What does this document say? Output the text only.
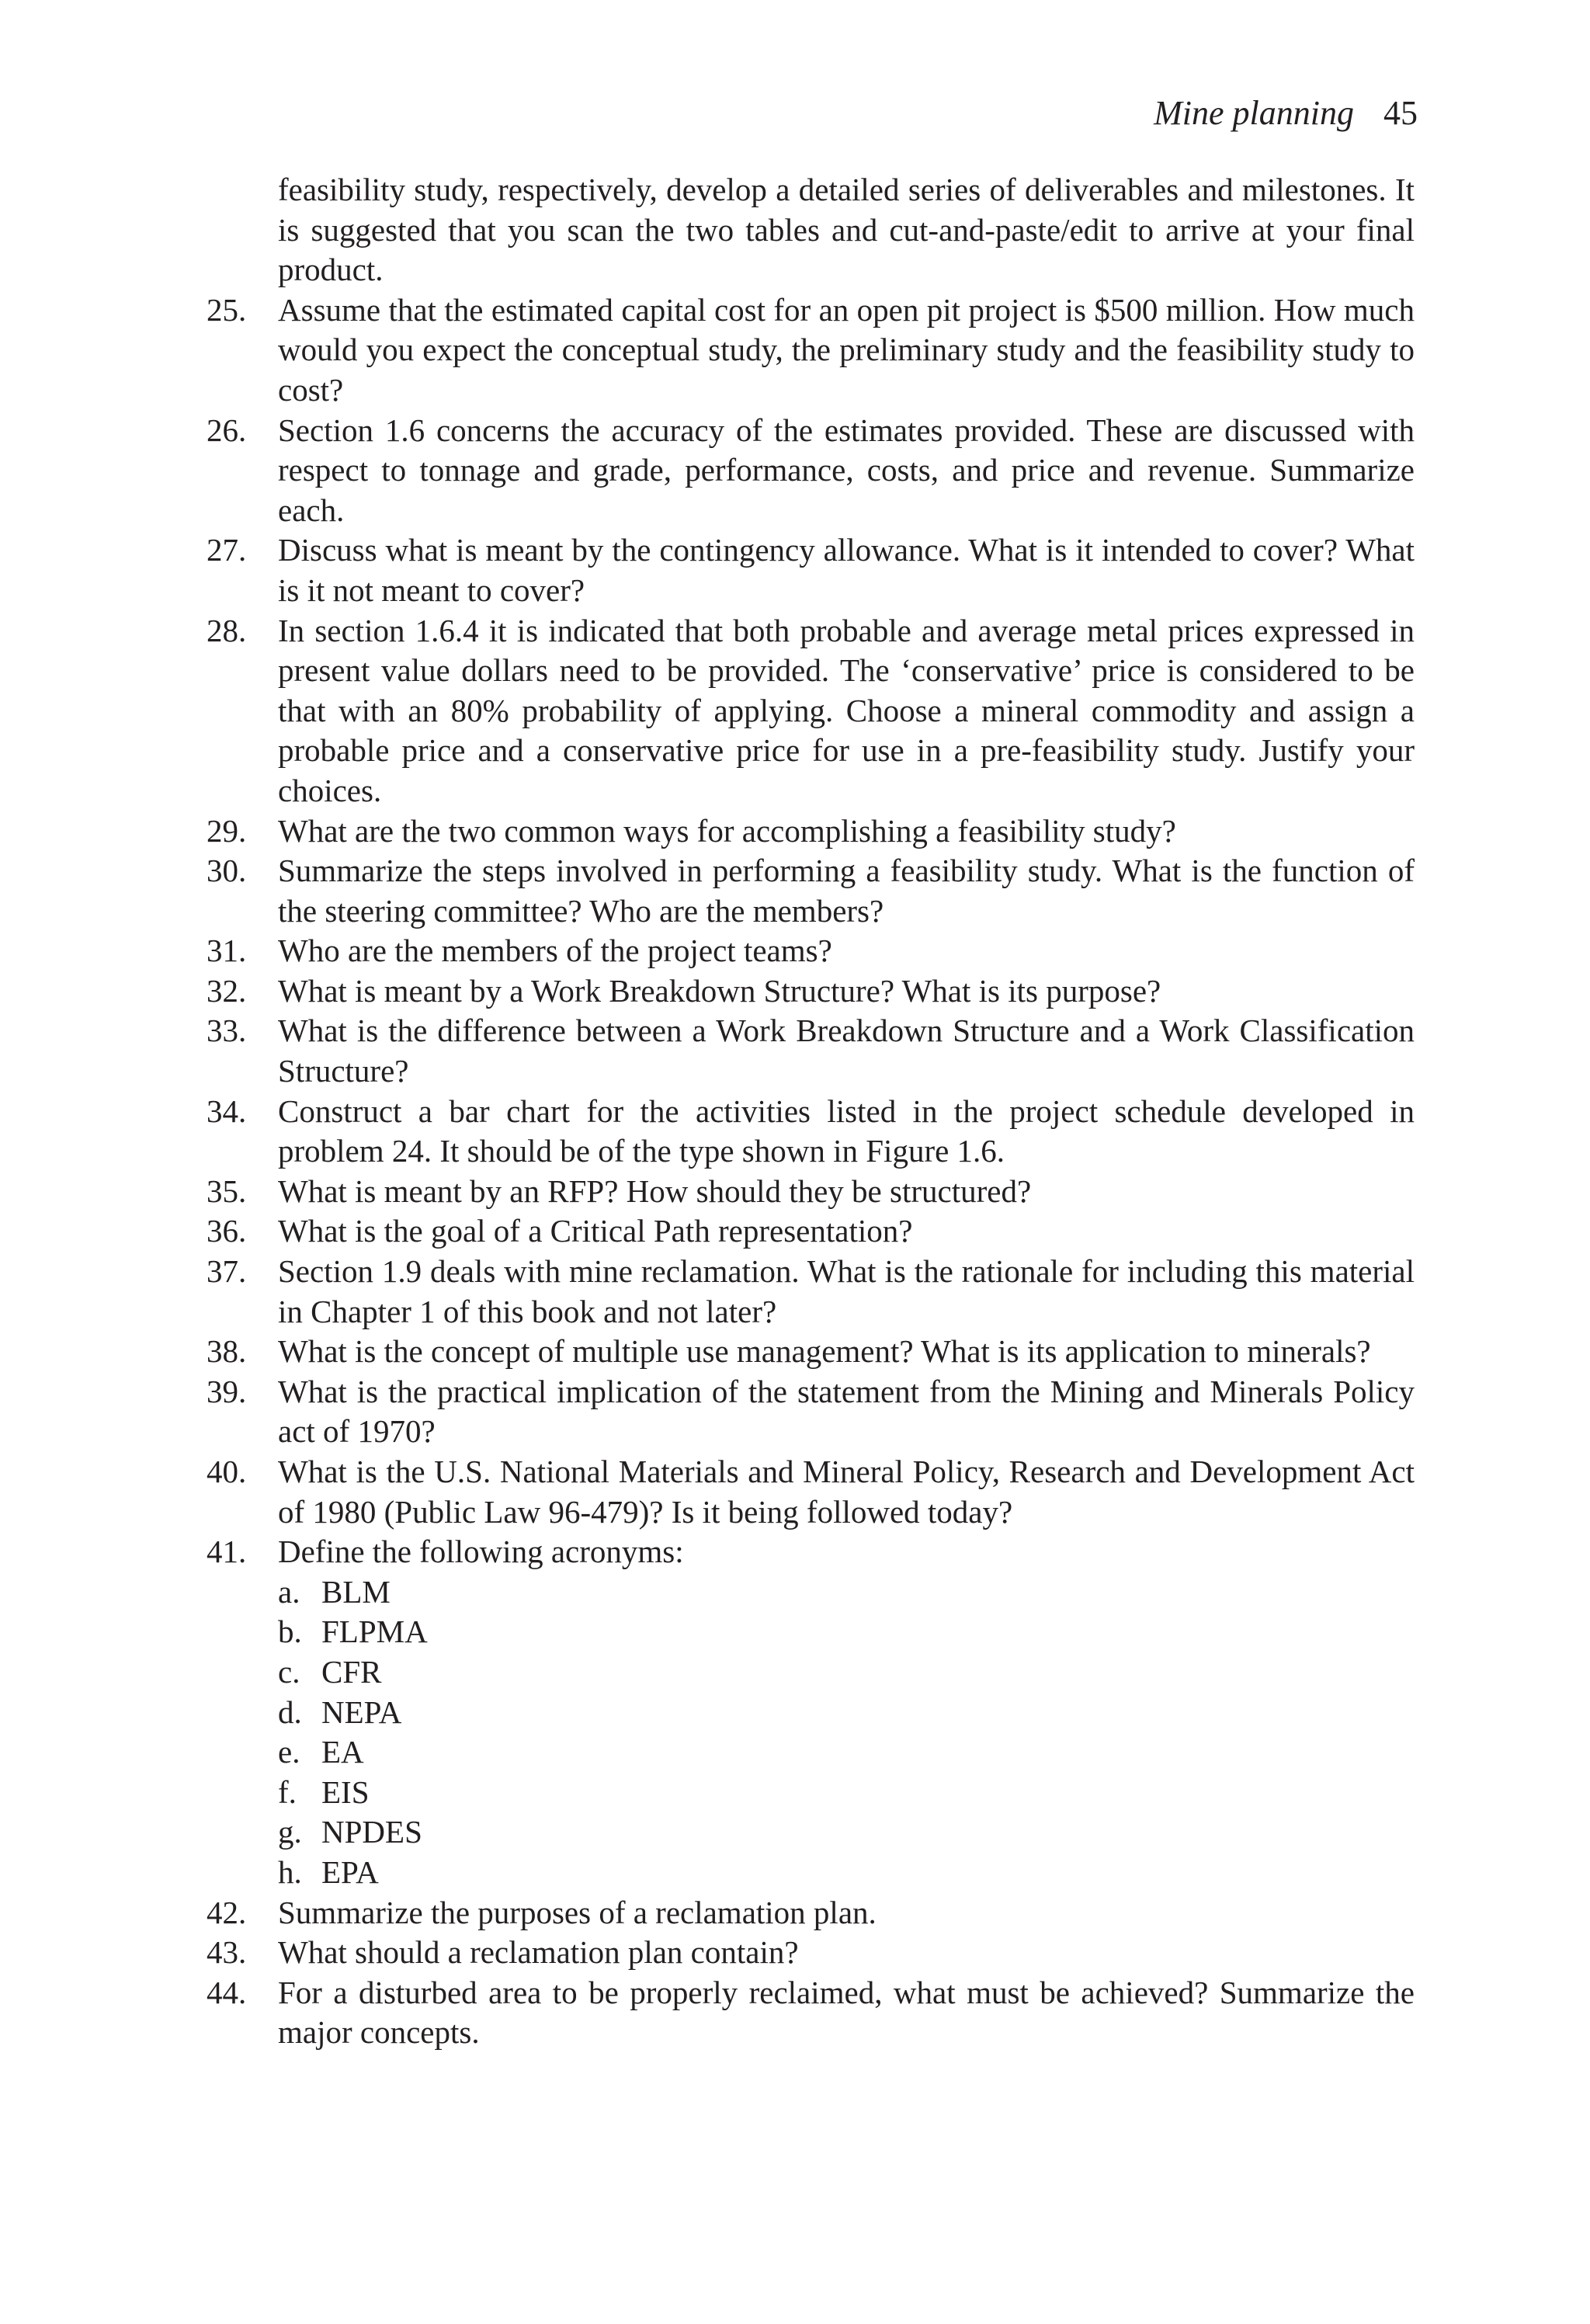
Mine planning 45

feasibility study, respectively, develop a detailed series of deliverables and milestones. It is suggested that you scan the two tables and cut-and-paste/edit to arrive at your final product.

25. Assume that the estimated capital cost for an open pit project is $500 million. How much would you expect the conceptual study, the preliminary study and the feasibility study to cost?
26. Section 1.6 concerns the accuracy of the estimates provided. These are discussed with respect to tonnage and grade, performance, costs, and price and revenue. Summarize each.
27. Discuss what is meant by the contingency allowance. What is it intended to cover? What is it not meant to cover?
28. In section 1.6.4 it is indicated that both probable and average metal prices expressed in present value dollars need to be provided. The ‘conservative’ price is considered to be that with an 80% probability of applying. Choose a mineral commodity and assign a probable price and a conservative price for use in a pre-feasibility study. Justify your choices.
29. What are the two common ways for accomplishing a feasibility study?
30. Summarize the steps involved in performing a feasibility study. What is the function of the steering committee? Who are the members?
31. Who are the members of the project teams?
32. What is meant by a Work Breakdown Structure? What is its purpose?
33. What is the difference between a Work Breakdown Structure and a Work Classification Structure?
34. Construct a bar chart for the activities listed in the project schedule developed in problem 24. It should be of the type shown in Figure 1.6.
35. What is meant by an RFP? How should they be structured?
36. What is the goal of a Critical Path representation?
37. Section 1.9 deals with mine reclamation. What is the rationale for including this material in Chapter 1 of this book and not later?
38. What is the concept of multiple use management? What is its application to minerals?
39. What is the practical implication of the statement from the Mining and Minerals Policy act of 1970?
40. What is the U.S. National Materials and Mineral Policy, Research and Development Act of 1980 (Public Law 96-479)? Is it being followed today?
41. Define the following acronyms:
a. BLM
b. FLPMA
c. CFR
d. NEPA
e. EA
f. EIS
g. NPDES
h. EPA
42. Summarize the purposes of a reclamation plan.
43. What should a reclamation plan contain?
44. For a disturbed area to be properly reclaimed, what must be achieved? Summarize the major concepts.
